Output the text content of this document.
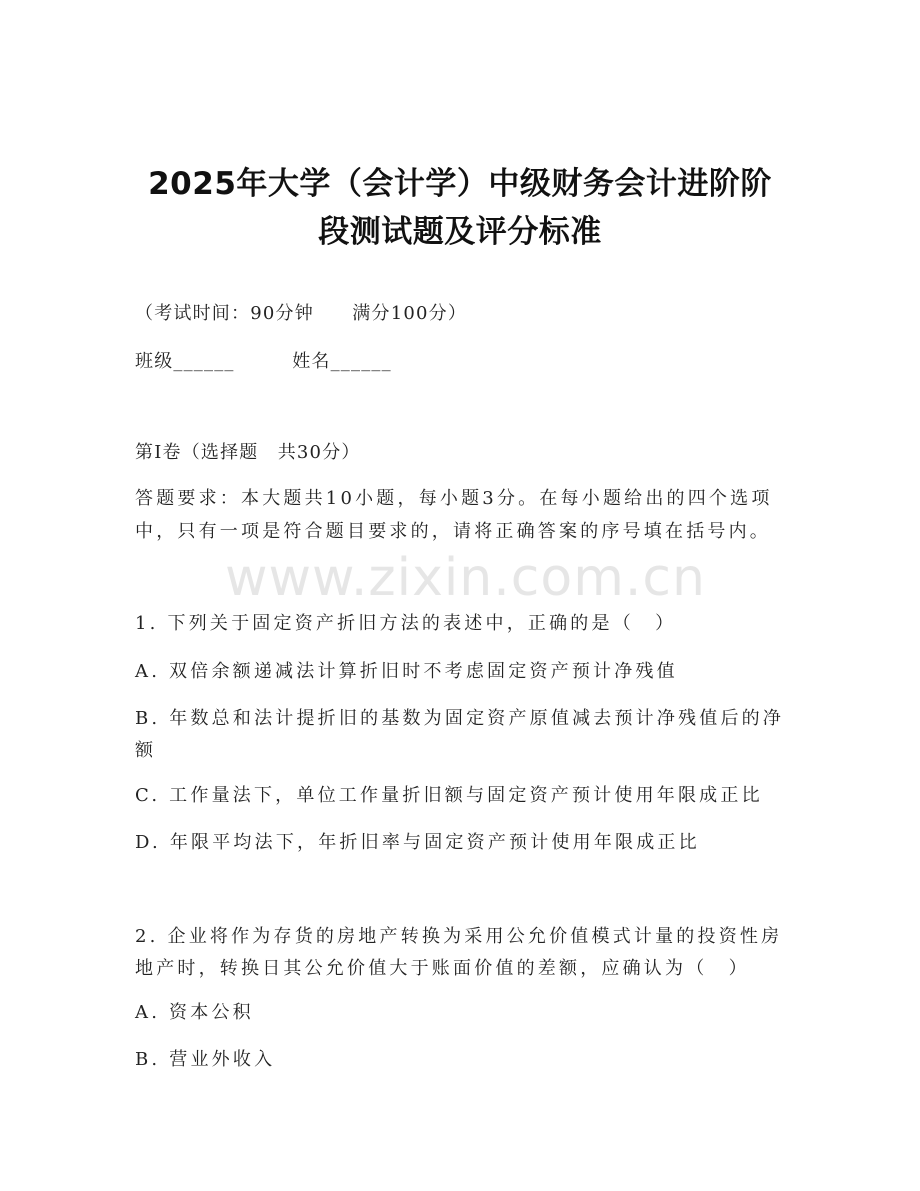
www.zixin.com.cn
2025年大学（会计学）中级财务会计进阶阶
段测试题及评分标准
（考试时间：90分钟　　满分100分）
班级______　　　姓名______
第I卷（选择题　共30分）
答题要求：本大题共10小题，每小题3分。在每小题给出的四个选项
中，只有一项是符合题目要求的，请将正确答案的序号填在括号内。
1. 下列关于固定资产折旧方法的表述中，正确的是（　）
A. 双倍余额递减法计算折旧时不考虑固定资产预计净残值
B. 年数总和法计提折旧的基数为固定资产原值减去预计净残值后的净
额
C. 工作量法下，单位工作量折旧额与固定资产预计使用年限成正比
D. 年限平均法下，年折旧率与固定资产预计使用年限成正比
2. 企业将作为存货的房地产转换为采用公允价值模式计量的投资性房
地产时，转换日其公允价值大于账面价值的差额，应确认为（　）
A. 资本公积
B. 营业外收入
